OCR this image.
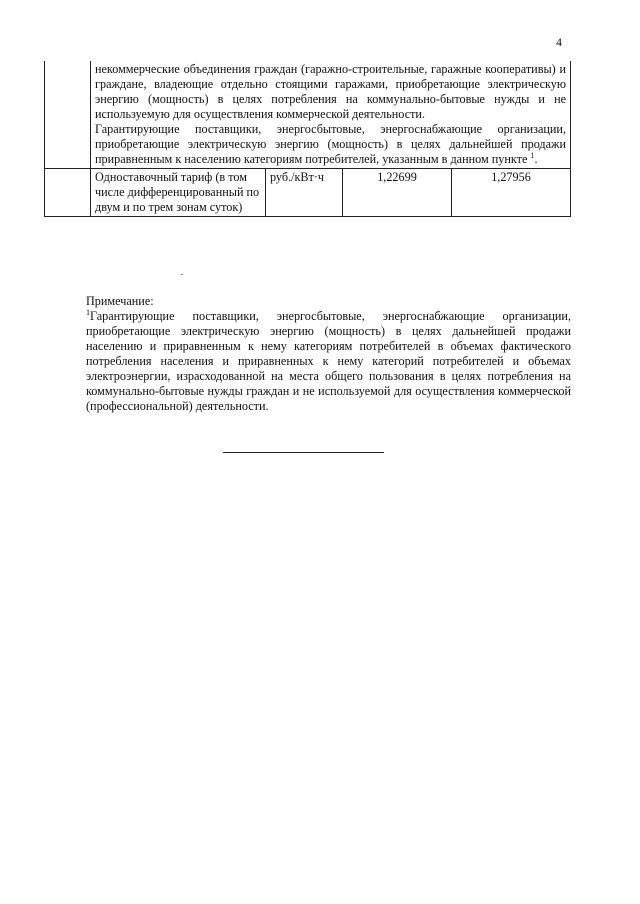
4

	некоммерческие объединения граждан (гаражно-строительные, гаражные кооперативы) и граждане, владеющие отдельно стоящими гаражами, приобретающие электрическую энергию (мощность) в целях потребления на коммунально-бытовые нужды и не используемую для осуществления коммерческой деятельности.

Гарантирующие поставщики, энергосбытовые, энергоснабжающие организации, приобретающие электрическую энергию (мощность) в целях дальнейшей продажи приравненным к населению категориям потребителей, указанным в данном пункте $^1$.			

	Одноставочный тариф (в том числе дифференцированный по двум и по трем зонам суток)	руб./кВт·ч	1,22699	1,27956

Примечание:

$^1$Гарантирующие поставщики, энергосбытовые, энергоснабжающие организации, приобретающие электрическую энергию (мощность) в целях дальнейшей продажи населению и приравненным к нему категориям потребителей в объемах фактического потребления населения и приравненных к нему категорий потребителей и объемах электроэнергии, израсходованной на места общего пользования в целях потребления на коммунально-бытовые нужды граждан и не используемой для осуществления коммерческой (профессиональной) деятельности.
